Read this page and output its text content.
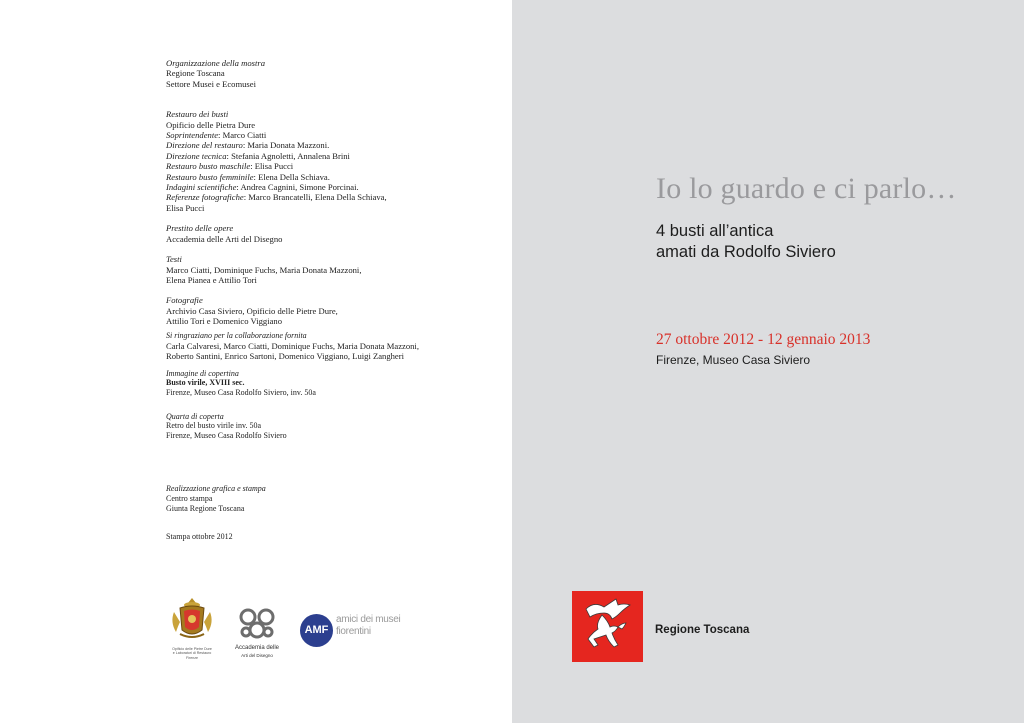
Organizzazione della mostra
Regione Toscana
Settore Musei e Ecomusei
Restauro dei busti
Opificio delle Pietra Dure
Soprintendente: Marco Ciatti
Direzione del restauro: Maria Donata Mazzoni.
Direzione tecnica: Stefania Agnoletti, Annalena Brini
Restauro busto maschile: Elisa Pucci
Restauro busto femminile: Elena Della Schiava.
Indagini scientifiche: Andrea Cagnini, Simone Porcinai.
Referenze fotografiche: Marco Brancatelli, Elena Della Schiava,
Elisa Pucci
Prestito delle opere
Accademia delle Arti del Disegno
Testi
Marco Ciatti, Dominique Fuchs, Maria Donata Mazzoni,
Elena Pianea e Attilio Tori
Fotografie
Archivio Casa Siviero, Opificio delle Pietre Dure,
Attilio Tori e Domenico Viggiano
Si ringraziano per la collaborazione fornita
Carla Calvaresi, Marco Ciatti, Dominique Fuchs, Maria Donata Mazzoni,
Roberto Santini, Enrico Sartoni, Domenico Viggiano, Luigi Zangheri
Immagine di copertina
Busto virile, XVIII sec.
Firenze, Museo Casa Rodolfo Siviero, inv. 50a
Quarta di coperta
Retro del busto virile inv. 50a
Firenze, Museo Casa Rodolfo Siviero
Realizzazione grafica e stampa
Centro stampa
Giunta Regione Toscana
Stampa ottobre 2012
Opificio delle Pietre Dure
e Laboratori di Restauro
Firenze
Accademia delle
Arti del Disegno
AMF
amici dei musei
fiorentini
Io lo guardo e ci parlo…
4 busti all’antica
amati da Rodolfo Siviero
27 ottobre 2012 - 12 gennaio 2013
Firenze, Museo Casa Siviero
Regione Toscana
